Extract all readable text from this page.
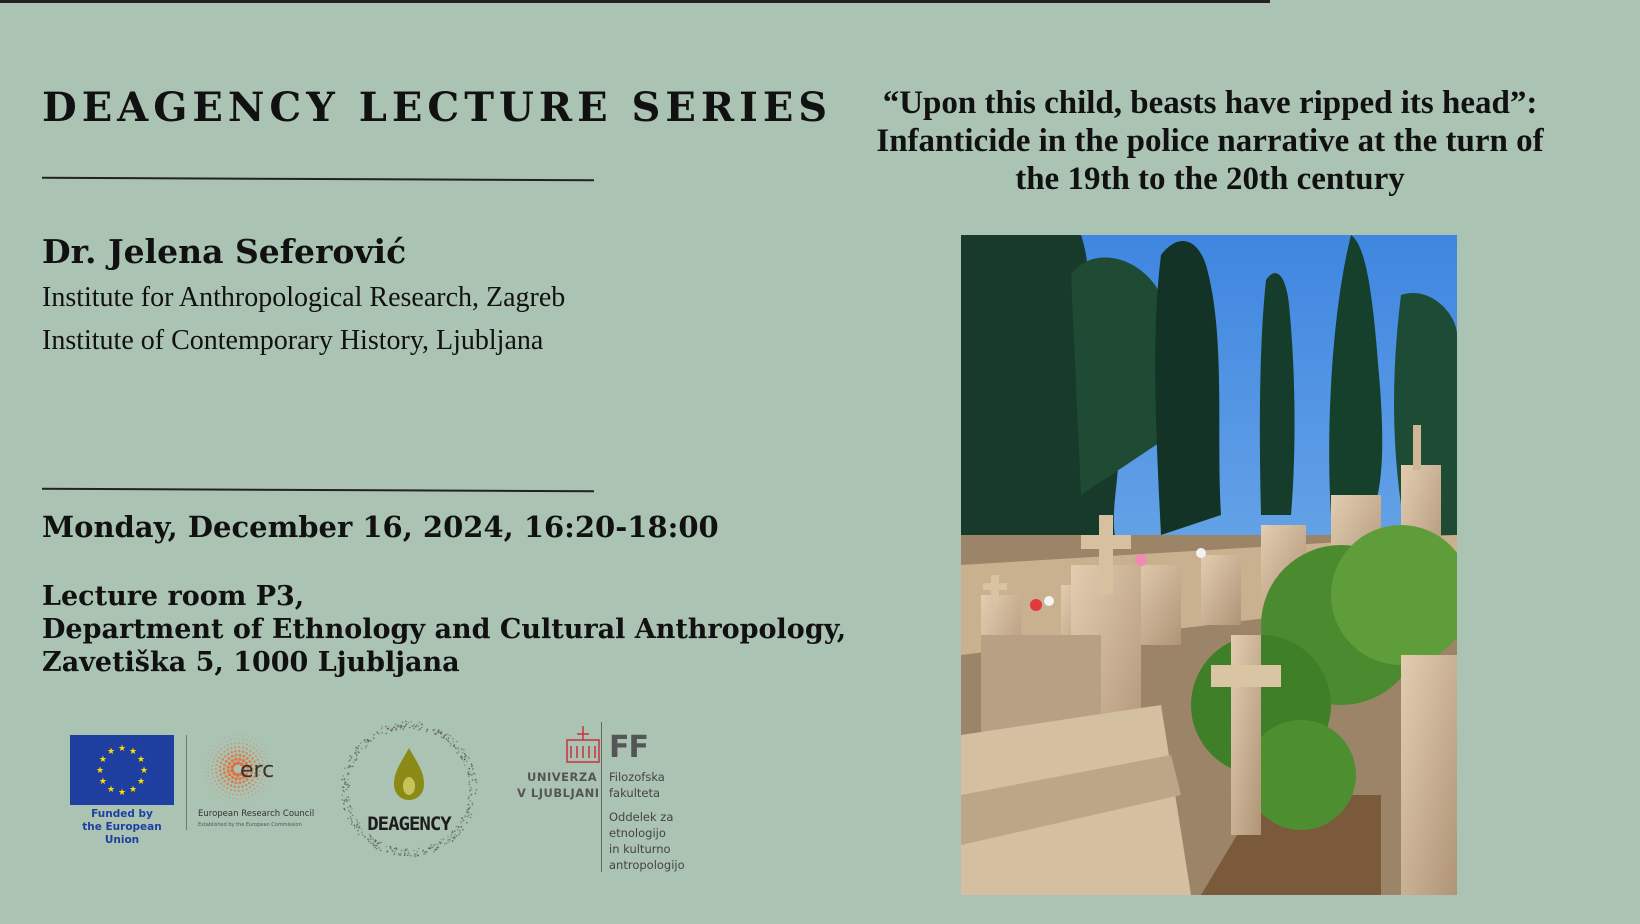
DEAGENCY LECTURE SERIES
Dr. Jelena Seferović
Institute for Anthropological Research, Zagreb
Institute of Contemporary History, Ljubljana
Monday, December 16, 2024, 16:20-18:00
Lecture room P3,
Department of Ethnology and Cultural Anthropology,
Zavetiška 5, 1000 Ljubljana
“Upon this child, beasts have ripped its head”: Infanticide in the police narrative at the turn of the 19th to the 20th century
★
★
★
★
★
★
★
★
★ ★ ★
★
Funded by
the European Union
erc
European Research Council
Established by the European Commission	DEAGENCY
UNIVERZA
V LJUBLJANI
FF
Filozofska
fakulteta
Oddelek za
etnologijo
in kulturno
antropologijo
